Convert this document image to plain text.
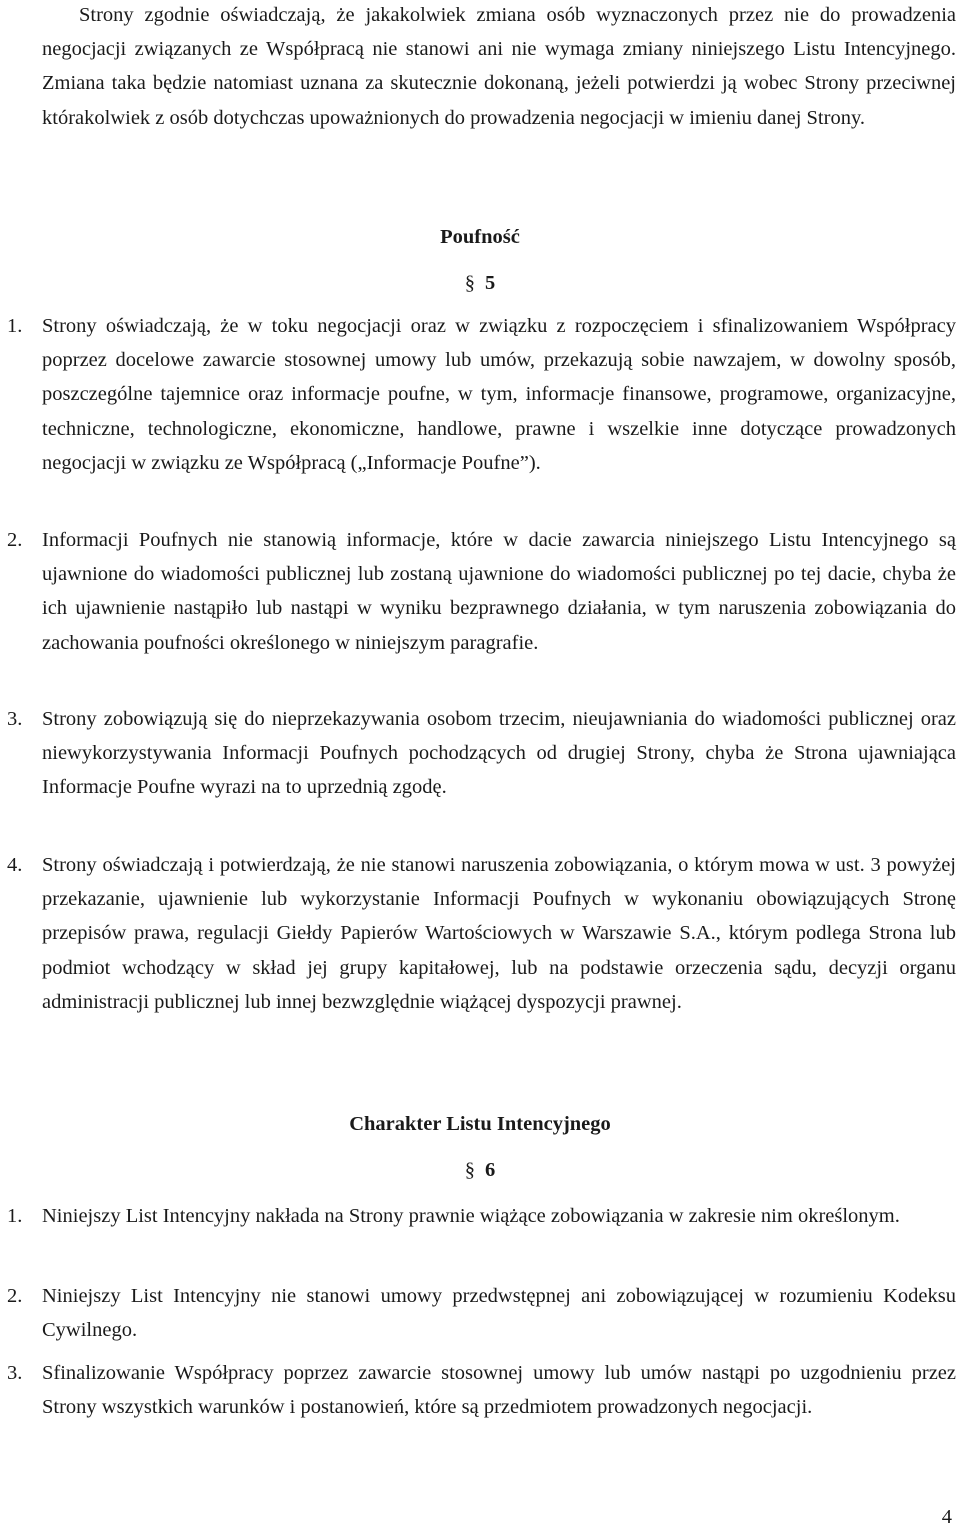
Strony zgodnie oświadczają, że jakakolwiek zmiana osób wyznaczonych przez nie do prowadzenia negocjacji związanych ze Współpracą nie stanowi ani nie wymaga zmiany niniejszego Listu Intencyjnego. Zmiana taka będzie natomiast uznana za skutecznie dokonaną, jeżeli potwierdzi ją wobec Strony przeciwnej którakolwiek z osób dotychczas upoważnionych do prowadzenia negocjacji w imieniu danej Strony.
Poufność
§ 5
1. Strony oświadczają, że w toku negocjacji oraz w związku z rozpoczęciem i sfinalizowaniem Współpracy poprzez docelowe zawarcie stosownej umowy lub umów, przekazują sobie nawzajem, w dowolny sposób, poszczególne tajemnice oraz informacje poufne, w tym, informacje finansowe, programowe, organizacyjne, techniczne, technologiczne, ekonomiczne, handlowe, prawne i wszelkie inne dotyczące prowadzonych negocjacji w związku ze Współpracą („Informacje Poufne”).
2. Informacji Poufnych nie stanowią informacje, które w dacie zawarcia niniejszego Listu Intencyjnego są ujawnione do wiadomości publicznej lub zostaną ujawnione do wiadomości publicznej po tej dacie, chyba że ich ujawnienie nastąpiło lub nastąpi w wyniku bezprawnego działania, w tym naruszenia zobowiązania do zachowania poufności określonego w niniejszym paragrafie.
3. Strony zobowiązują się do nieprzekazywania osobom trzecim, nieujawniania do wiadomości publicznej oraz niewykorzystywania Informacji Poufnych pochodzących od drugiej Strony, chyba że Strona ujawniająca Informacje Poufne wyrazi na to uprzednią zgodę.
4. Strony oświadczają i potwierdzają, że nie stanowi naruszenia zobowiązania, o którym mowa w ust. 3 powyżej przekazanie, ujawnienie lub wykorzystanie Informacji Poufnych w wykonaniu obowiązujących Stronę przepisów prawa, regulacji Giełdy Papierów Wartościowych w Warszawie S.A., którym podlega Strona lub podmiot wchodzący w skład jej grupy kapitałowej, lub na podstawie orzeczenia sądu, decyzji organu administracji publicznej lub innej bezwzględnie wiążącej dyspozycji prawnej.
Charakter Listu Intencyjnego
§ 6
1. Niniejszy List Intencyjny nakłada na Strony prawnie wiążące zobowiązania w zakresie nim określonym.
2. Niniejszy List Intencyjny nie stanowi umowy przedwstępnej ani zobowiązującej w rozumieniu Kodeksu Cywilnego.
3. Sfinalizowanie Współpracy poprzez zawarcie stosownej umowy lub umów nastąpi po uzgodnieniu przez Strony wszystkich warunków i postanowień, które są przedmiotem prowadzonych negocjacji.
4
